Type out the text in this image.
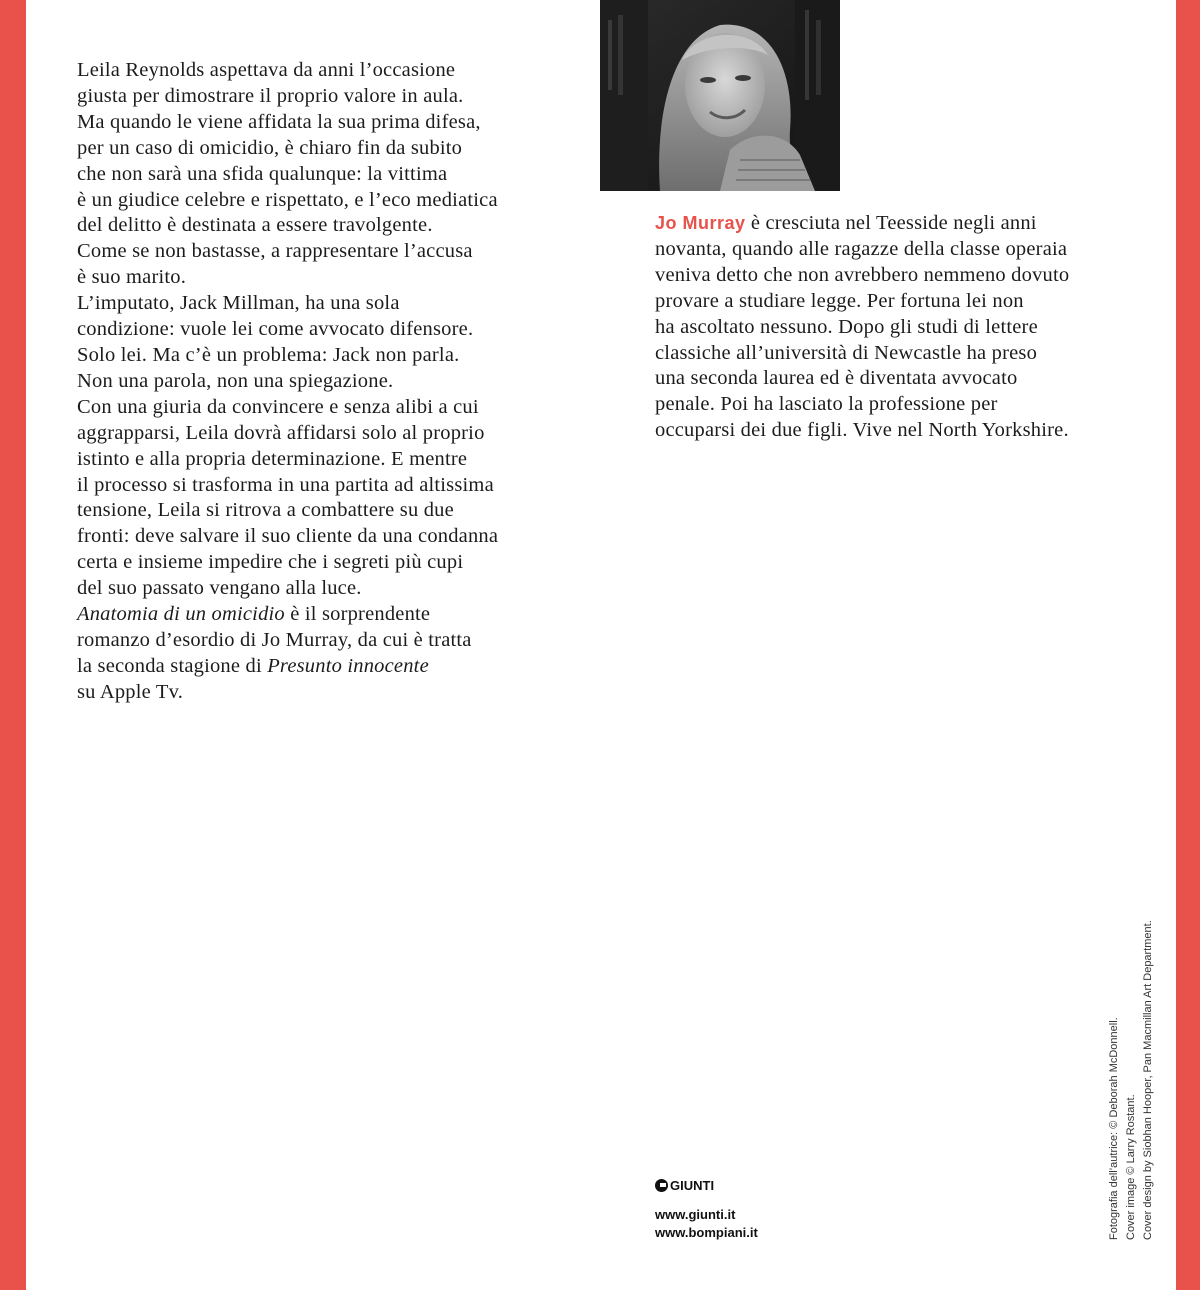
Leila Reynolds aspettava da anni l’occasione
giusta per dimostrare il proprio valore in aula.
Ma quando le viene affidata la sua prima difesa,
per un caso di omicidio, è chiaro fin da subito
che non sarà una sfida qualunque: la vittima
è un giudice celebre e rispettato, e l’eco mediatica
del delitto è destinata a essere travolgente.
Come se non bastasse, a rappresentare l’accusa
è suo marito.
L’imputato, Jack Millman, ha una sola
condizione: vuole lei come avvocato difensore.
Solo lei. Ma c’è un problema: Jack non parla.
Non una parola, non una spiegazione.
Con una giuria da convincere e senza alibi a cui
aggrapparsi, Leila dovrà affidarsi solo al proprio
istinto e alla propria determinazione. E mentre
il processo si trasforma in una partita ad altissima
tensione, Leila si ritrova a combattere su due
fronti: deve salvare il suo cliente da una condanna
certa e insieme impedire che i segreti più cupi
del suo passato vengano alla luce.
Anatomia di un omicidio è il sorprendente
romanzo d’esordio di Jo Murray, da cui è tratta
la seconda stagione di Presunto innocente
su Apple Tv.
Jo Murray è cresciuta nel Teesside negli anni
novanta, quando alle ragazze della classe operaia
veniva detto che non avrebbero nemmeno dovuto
provare a studiare legge. Per fortuna lei non
ha ascoltato nessuno. Dopo gli studi di lettere
classiche all’università di Newcastle ha preso
una seconda laurea ed è diventata avvocato
penale. Poi ha lasciato la professione per
occuparsi dei due figli. Vive nel North Yorkshire.
GIUNTI
www.giunti.it
www.bompiani.it	Fotografia dell’autrice: © Deborah McDonnell. Cover image © Larry Rostant. Cover design by Siobhan Hooper, Pan Macmillan Art Department.
